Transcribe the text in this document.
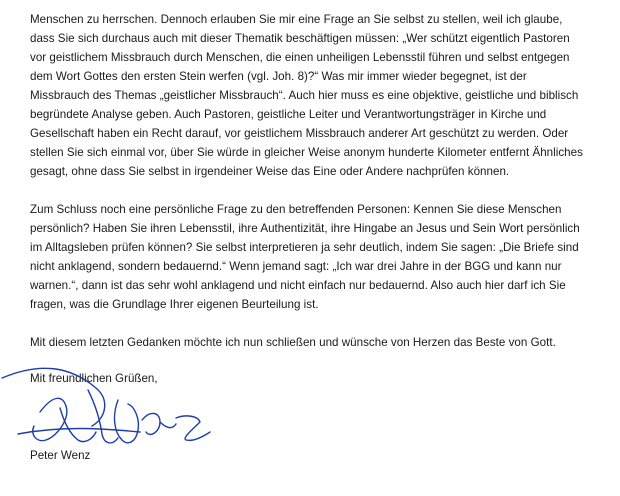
Menschen zu herrschen. Dennoch erlauben Sie mir eine Frage an Sie selbst zu stellen, weil ich glaube,
dass Sie sich durchaus auch mit dieser Thematik beschäftigen müssen: „Wer schützt eigentlich Pastoren
vor geistlichem Missbrauch durch Menschen, die einen unheiligen Lebensstil führen und selbst entgegen
dem Wort Gottes den ersten Stein werfen (vgl. Joh. 8)?“ Was mir immer wieder begegnet, ist der
Missbrauch des Themas „geistlicher Missbrauch“. Auch hier muss es eine objektive, geistliche und biblisch
begründete Analyse geben. Auch Pastoren, geistliche Leiter und Verantwortungsträger in Kirche und
Gesellschaft haben ein Recht darauf, vor geistlichem Missbrauch anderer Art geschützt zu werden. Oder
stellen Sie sich einmal vor, über Sie würde in gleicher Weise anonym hunderte Kilometer entfernt Ähnliches
gesagt, ohne dass Sie selbst in irgendeiner Weise das Eine oder Andere nachprüfen können.
Zum Schluss noch eine persönliche Frage zu den betreffenden Personen: Kennen Sie diese Menschen
persönlich? Haben Sie ihren Lebensstil, ihre Authentizität, ihre Hingabe an Jesus und Sein Wort persönlich
im Alltagsleben prüfen können? Sie selbst interpretieren ja sehr deutlich, indem Sie sagen: „Die Briefe sind
nicht anklagend, sondern bedauernd.“ Wenn jemand sagt: „Ich war drei Jahre in der BGG und kann nur
warnen.“, dann ist das sehr wohl anklagend und nicht einfach nur bedauernd. Also auch hier darf ich Sie
fragen, was die Grundlage Ihrer eigenen Beurteilung ist.
Mit diesem letzten Gedanken möchte ich nun schließen und wünsche von Herzen das Beste von Gott.

Mit freundlichen Grüßen,

Peter Wenz
